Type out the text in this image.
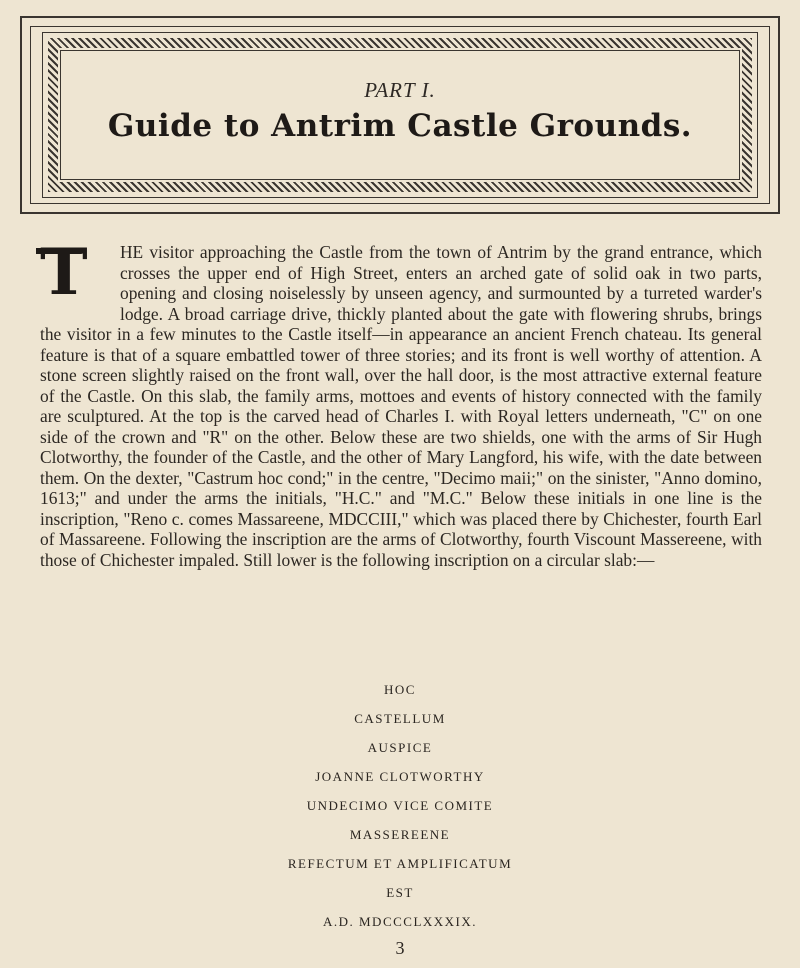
PART I.
Guide to Antrim Castle Grounds.
T HE visitor approaching the Castle from the town of Antrim by the grand entrance, which crosses the upper end of High Street, enters an arched gate of solid oak in two parts, opening and closing noiselessly by unseen agency, and surmounted by a turreted warder's lodge. A broad carriage drive, thickly planted about the gate with flowering shrubs, brings the visitor in a few minutes to the Castle itself—in appearance an ancient French chateau. Its general feature is that of a square embattled tower of three stories; and its front is well worthy of attention. A stone screen slightly raised on the front wall, over the hall door, is the most attractive external feature of the Castle. On this slab, the family arms, mottoes and events of history connected with the family are sculptured. At the top is the carved head of Charles I. with Royal letters underneath, "C" on one side of the crown and "R" on the other. Below these are two shields, one with the arms of Sir Hugh Clotworthy, the founder of the Castle, and the other of Mary Langford, his wife, with the date between them. On the dexter, "Castrum hoc cond;" in the centre, "Decimo maii;" on the sinister, "Anno domino, 1613;" and under the arms the initials, "H.C." and "M.C." Below these initials in one line is the inscription, "Reno c. comes Massareene, MDCCIII," which was placed there by Chichester, fourth Earl of Massareene. Following the inscription are the arms of Clotworthy, fourth Viscount Massereene, with those of Chichester impaled. Still lower is the following inscription on a circular slab:—
HOC
CASTELLUM
AUSPICE
JOANNE CLOTWORTHY
UNDECIMO VICE COMITE
MASSEREENE
REFECTUM ET AMPLIFICATUM
EST
A.D. MDCCCLXXXIX.
3
